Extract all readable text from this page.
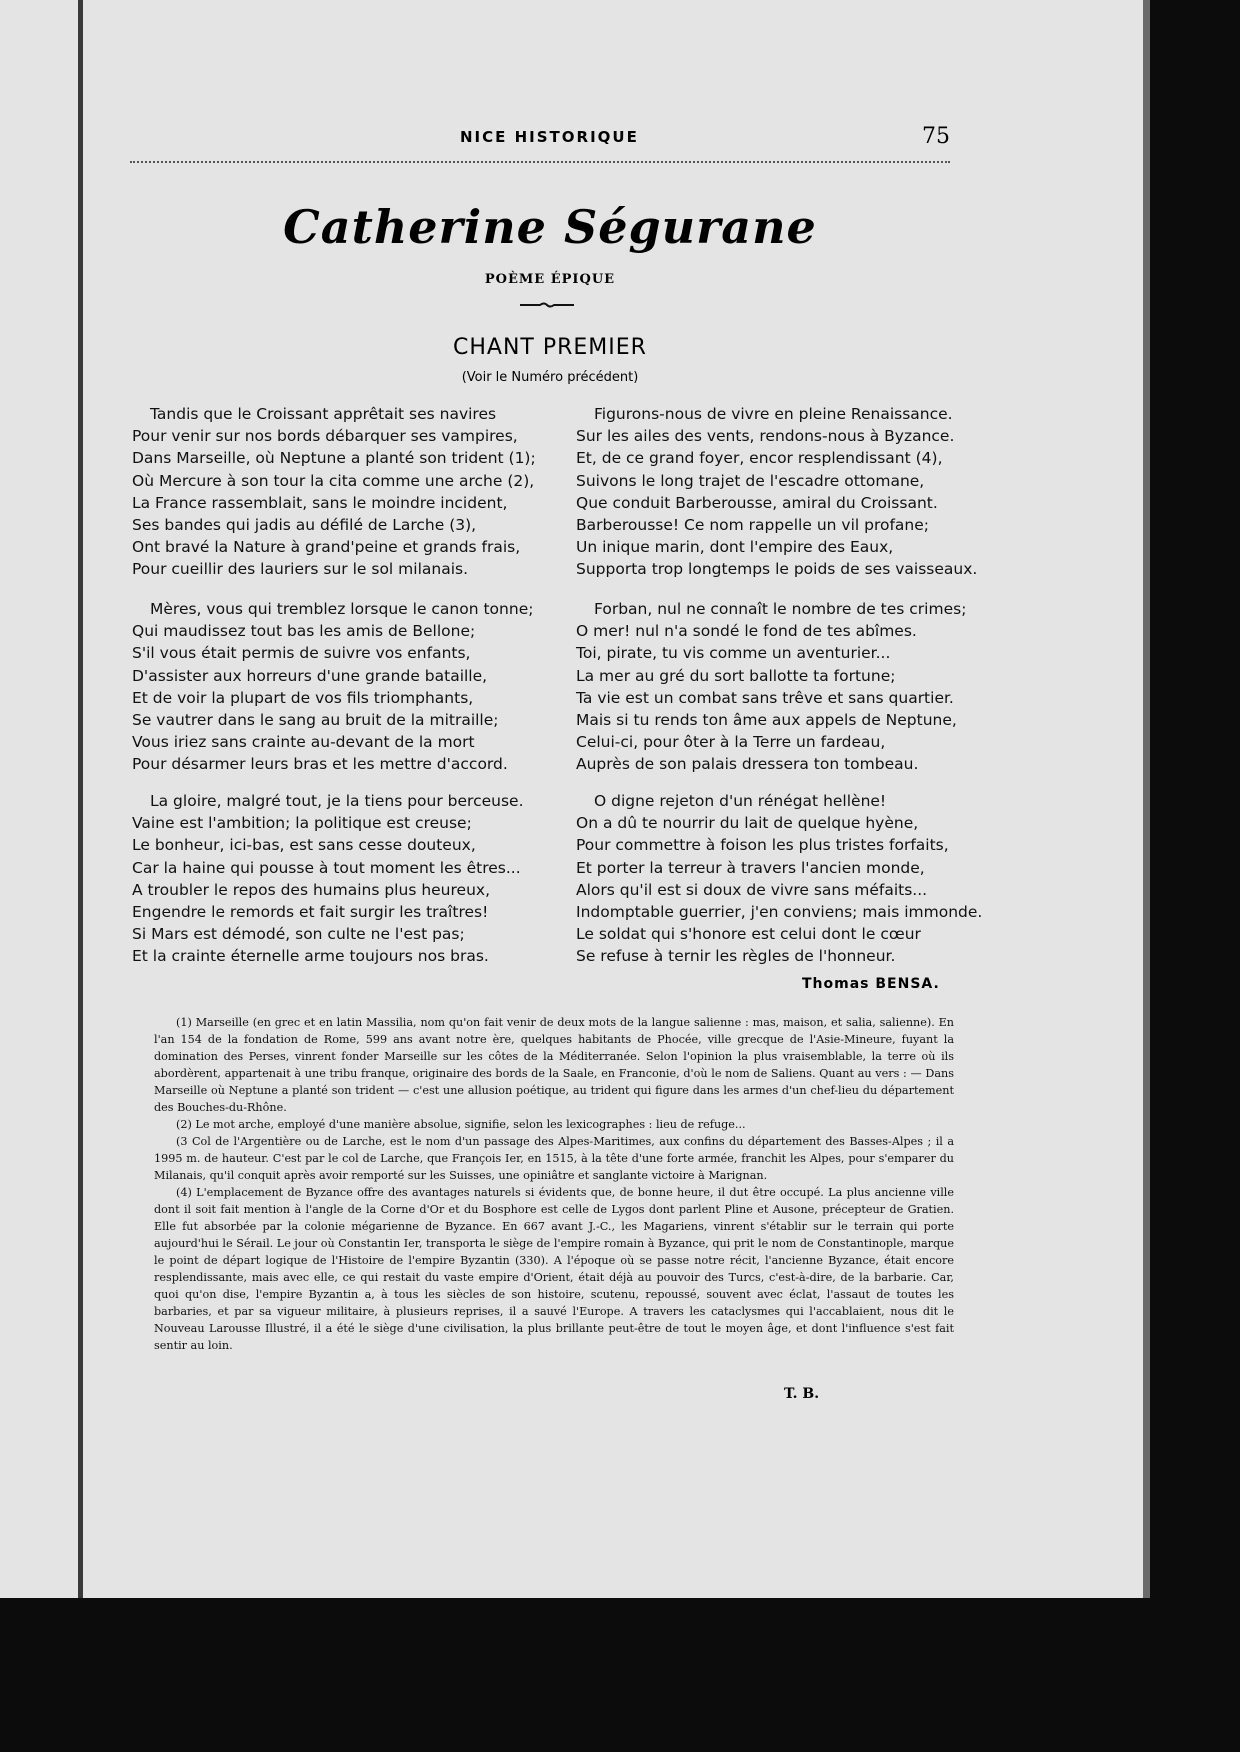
NICE HISTORIQUE	75
Catherine Ségurane
POÈME ÉPIQUE
CHANT PREMIER
(Voir le Numéro précédent)
Tandis que le Croissant apprêtait ses navires
Pour venir sur nos bords débarquer ses vampires,
Dans Marseille, où Neptune a planté son trident (1);
Où Mercure à son tour la cita comme une arche (2),
La France rassemblait, sans le moindre incident,
Ses bandes qui jadis au défilé de Larche (3),
Ont bravé la Nature à grand'peine et grands frais,
Pour cueillir des lauriers sur le sol milanais.
Mères, vous qui tremblez lorsque le canon tonne;
Qui maudissez tout bas les amis de Bellone;
S'il vous était permis de suivre vos enfants,
D'assister aux horreurs d'une grande bataille,
Et de voir la plupart de vos fils triomphants,
Se vautrer dans le sang au bruit de la mitraille;
Vous iriez sans crainte au-devant de la mort
Pour désarmer leurs bras et les mettre d'accord.
La gloire, malgré tout, je la tiens pour berceuse.
Vaine est l'ambition; la politique est creuse;
Le bonheur, ici-bas, est sans cesse douteux,
Car la haine qui pousse à tout moment les êtres...
A troubler le repos des humains plus heureux,
Engendre le remords et fait surgir les traîtres!
Si Mars est démodé, son culte ne l'est pas;
Et la crainte éternelle arme toujours nos bras.
Figurons-nous de vivre en pleine Renaissance.
Sur les ailes des vents, rendons-nous à Byzance.
Et, de ce grand foyer, encor resplendissant (4),
Suivons le long trajet de l'escadre ottomane,
Que conduit Barberousse, amiral du Croissant.
Barberousse! Ce nom rappelle un vil profane;
Un inique marin, dont l'empire des Eaux,
Supporta trop longtemps le poids de ses vaisseaux.
Forban, nul ne connaît le nombre de tes crimes;
O mer! nul n'a sondé le fond de tes abîmes.
Toi, pirate, tu vis comme un aventurier...
La mer au gré du sort ballotte ta fortune;
Ta vie est un combat sans trêve et sans quartier.
Mais si tu rends ton âme aux appels de Neptune,
Celui-ci, pour ôter à la Terre un fardeau,
Auprès de son palais dressera ton tombeau.
O digne rejeton d'un rénégat hellène!
On a dû te nourrir du lait de quelque hyène,
Pour commettre à foison les plus tristes forfaits,
Et porter la terreur à travers l'ancien monde,
Alors qu'il est si doux de vivre sans méfaits...
Indomptable guerrier, j'en conviens; mais immonde.
Le soldat qui s'honore est celui dont le cœur
Se refuse à ternir les règles de l'honneur.
Thomas BENSA.

(1) Marseille (en grec et en latin Massilia, nom qu'on fait venir de deux mots de la langue salienne : mas, maison, et salia, salienne). En l'an 154 de la fondation de Rome, 599 ans avant notre ère, quelques habitants de Phocée, ville grecque de l'Asie-Mineure, fuyant la domination des Perses, vinrent fonder Marseille sur les côtes de la Méditerranée. Selon l'opinion la plus vraisemblable, la terre où ils abordèrent, appartenait à une tribu franque, originaire des bords de la Saale, en Franconie, d'où le nom de Saliens. Quant au vers : — Dans Marseille où Neptune a planté son trident — c'est une allusion poétique, au trident qui figure dans les armes d'un chef-lieu du département des Bouches-du-Rhône.

(2) Le mot arche, employé d'une manière absolue, signifie, selon les lexicographes : lieu de refuge...

(3 Col de l'Argentière ou de Larche, est le nom d'un passage des Alpes-Maritimes, aux confins du département des Basses-Alpes ; il a 1995 m. de hauteur. C'est par le col de Larche, que François Ier, en 1515, à la tête d'une forte armée, franchit les Alpes, pour s'emparer du Milanais, qu'il conquit après avoir remporté sur les Suisses, une opiniâtre et sanglante victoire à Marignan.

(4) L'emplacement de Byzance offre des avantages naturels si évidents que, de bonne heure, il dut être occupé. La plus ancienne ville dont il soit fait mention à l'angle de la Corne d'Or et du Bosphore est celle de Lygos dont parlent Pline et Ausone, précepteur de Gratien. Elle fut absorbée par la colonie mégarienne de Byzance. En 667 avant J.-C., les Magariens, vinrent s'établir sur le terrain qui porte aujourd'hui le Sérail. Le jour où Constantin Ier, transporta le siège de l'empire romain à Byzance, qui prit le nom de Constantinople, marque le point de départ logique de l'Histoire de l'empire Byzantin (330). A l'époque où se passe notre récit, l'ancienne Byzance, était encore resplendissante, mais avec elle, ce qui restait du vaste empire d'Orient, était déjà au pouvoir des Turcs, c'est-à-dire, de la barbarie. Car, quoi qu'on dise, l'empire Byzantin a, à tous les siècles de son histoire, scutenu, repoussé, souvent avec éclat, l'assaut de toutes les barbaries, et par sa vigueur militaire, à plusieurs reprises, il a sauvé l'Europe. A travers les cataclysmes qui l'accablaient, nous dit le Nouveau Larousse Illustré, il a été le siège d'une civilisation, la plus brillante peut-être de tout le moyen âge, et dont l'influence s'est fait sentir au loin.

T. B.
